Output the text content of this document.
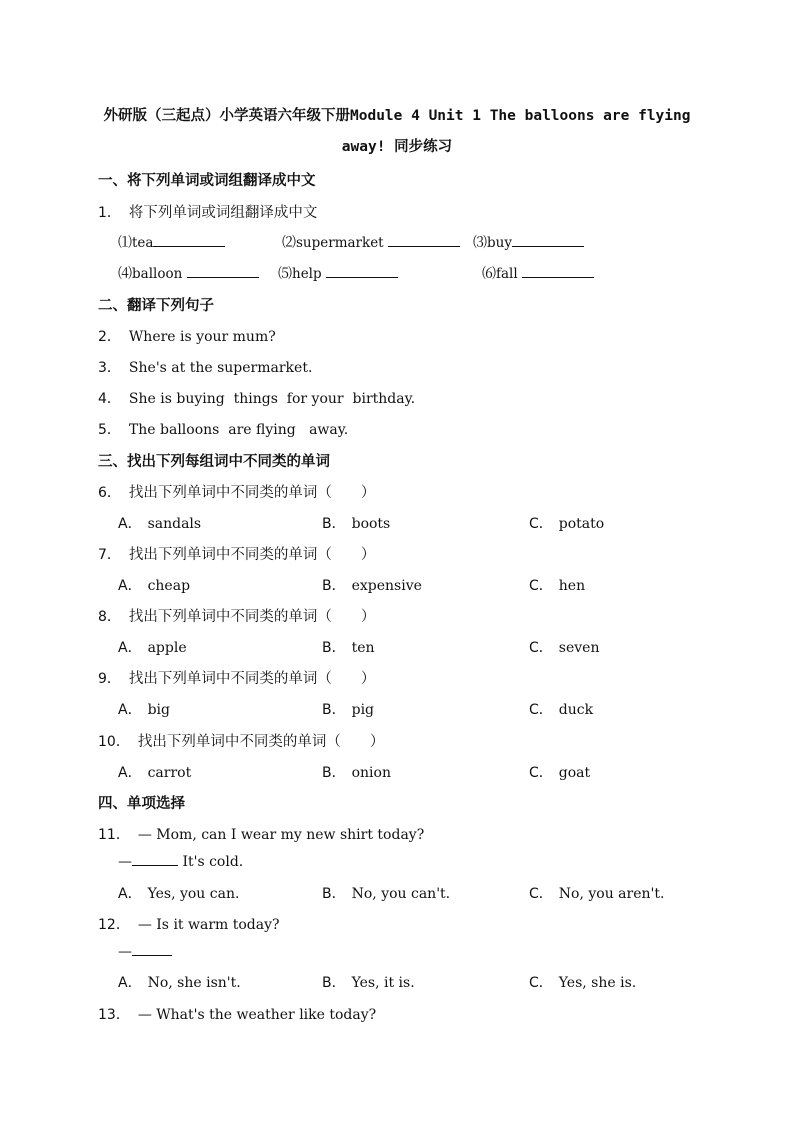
外研版（三起点）小学英语六年级下册Module 4 Unit 1 The balloons are flying
away! 同步练习
一、将下列单词或词组翻译成中文
1． 将下列单词或词组翻译成中文
⑴tea	⑵supermarket	⑶buy
⑷balloon	⑸help	⑹fall
二、翻译下列句子
2． Where is your mum?
3． She's at the supermarket.
4． She is buying  things  for your  birthday.
5． The balloons  are flying   away.
三、找出下列每组词中不同类的单词
6． 找出下列单词中不同类的单词（　　）
A． sandals	B． boots	C． potato
7． 找出下列单词中不同类的单词（　　）
A． cheap	B． expensive	C． hen
8． 找出下列单词中不同类的单词（　　）
A． apple	B． ten	C． seven
9． 找出下列单词中不同类的单词（　　）
A． big	B． pig	C． duck
10． 找出下列单词中不同类的单词（　　）
A． carrot	B． onion	C． goat
四、单项选择
11． — Mom, can I wear my new shirt today?
—	It's cold.
A． Yes, you can.	B． No, you can't.	C． No, you aren't.
12． — Is it warm today?
—
A． No, she isn't.	B． Yes, it is.	C． Yes, she is.
13． — What's the weather like today?
